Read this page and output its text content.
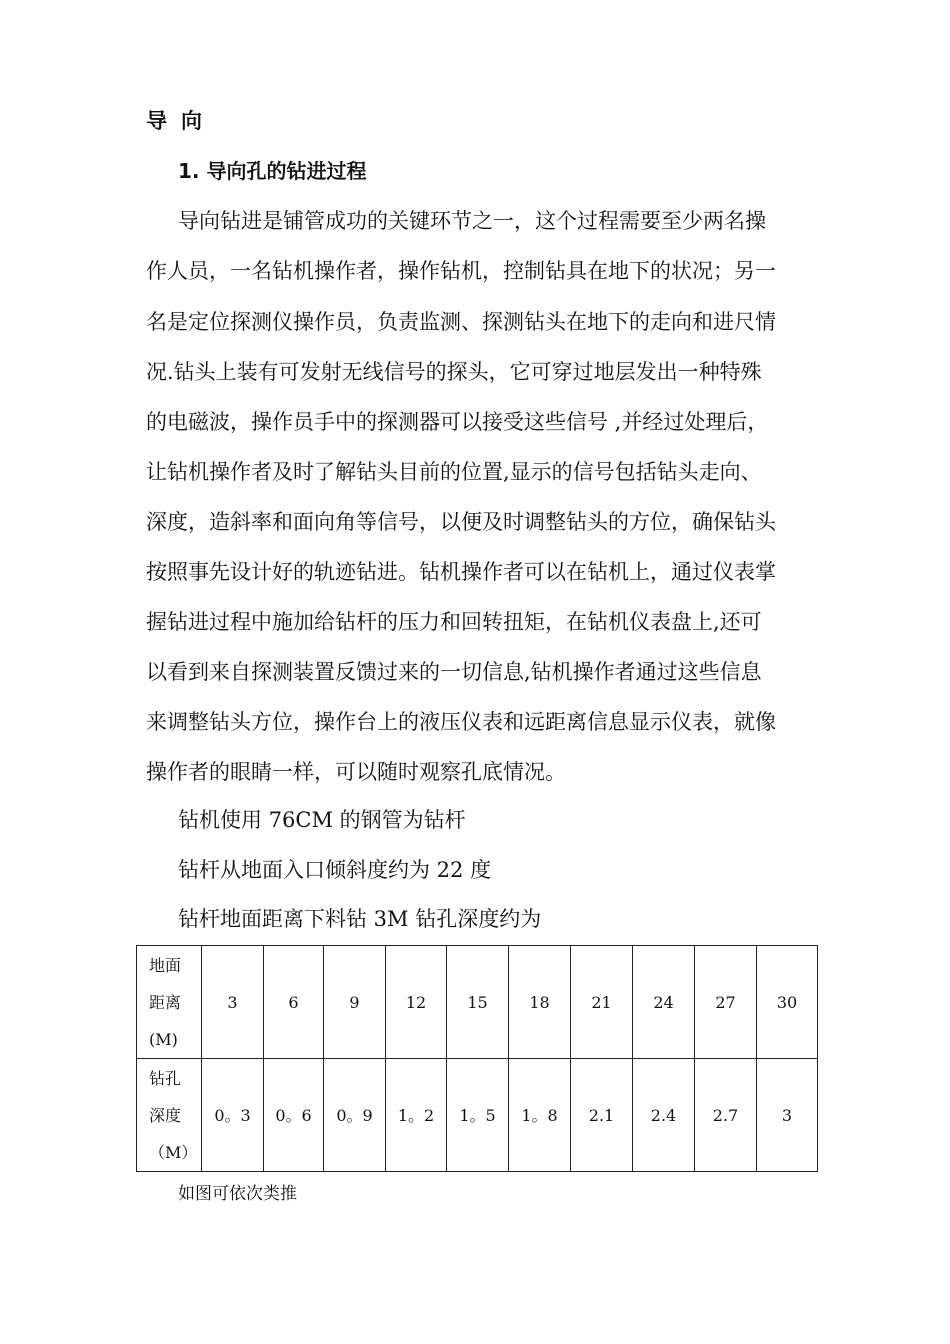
导向
1. 导向孔的钻进过程
导向钻进是铺管成功的关键环节之一，这个过程需要至少两名操
作人员，一名钻机操作者，操作钻机，控制钻具在地下的状况；另一
名是定位探测仪操作员，负责监测、探测钻头在地下的走向和进尺情
况.钻头上装有可发射无线信号的探头，它可穿过地层发出一种特殊
的电磁波，操作员手中的探测器可以接受这些信号 ,并经过处理后，
让钻机操作者及时了解钻头目前的位置,显示的信号包括钻头走向、
深度，造斜率和面向角等信号，以便及时调整钻头的方位，确保钻头
按照事先设计好的轨迹钻进。钻机操作者可以在钻机上，通过仪表掌
握钻进过程中施加给钻杆的压力和回转扭矩，在钻机仪表盘上,还可
以看到来自探测装置反馈过来的一切信息,钻机操作者通过这些信息
来调整钻头方位，操作台上的液压仪表和远距离信息显示仪表，就像
操作者的眼睛一样，可以随时观察孔底情况。
钻机使用 76CM 的钢管为钻杆
钻杆从地面入口倾斜度约为 22 度
钻杆地面距离下料钻 3M 钻孔深度约为
地面
距离
(M)	3	6	9	12	15	18	21	24	27	30
钻孔
深度
（M）	0。3	0。6	0。9	1。2	1。5	1。8	2.1	2.4	2.7	3
如图可依次类推
